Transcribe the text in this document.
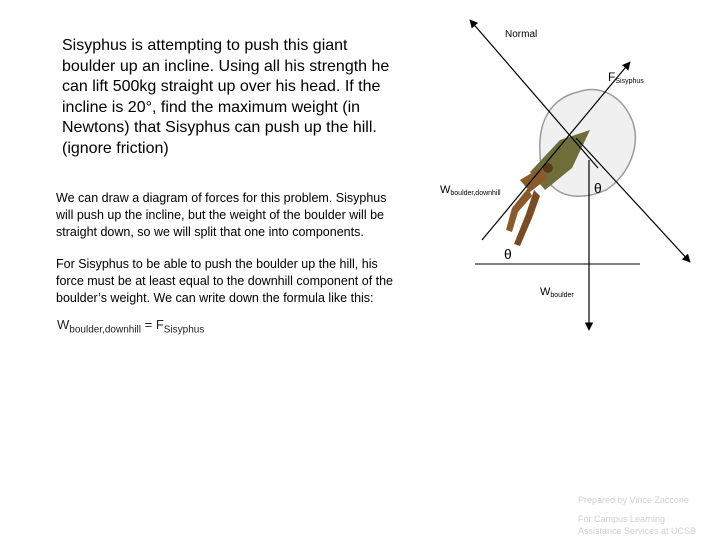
Sisyphus is attempting to push this giant
boulder up an incline. Using all his strength he
can lift 500kg straight up over his head. If the
incline is 20°, find the maximum weight (in
Newtons) that Sisyphus can push up the hill.
(ignore friction)
We can draw a diagram of forces for this problem. Sisyphus
will push up the incline, but the weight of the boulder will be
straight down, so we will split that one into components.
For Sisyphus to be able to push the boulder up the hill, his
force must be at least equal to the downhill component of the
boulder’s weight. We can write down the formula like this:
$W_{boulder,downhill} = F_{Sisyphus}$
Normal
$F_{Sisyphus}$
$W_{boulder,downhill}$	θ
θ
$W_{boulder}$
Prepared by Vince Zaccone
For Campus Learning
Assistance Services at UCSB
